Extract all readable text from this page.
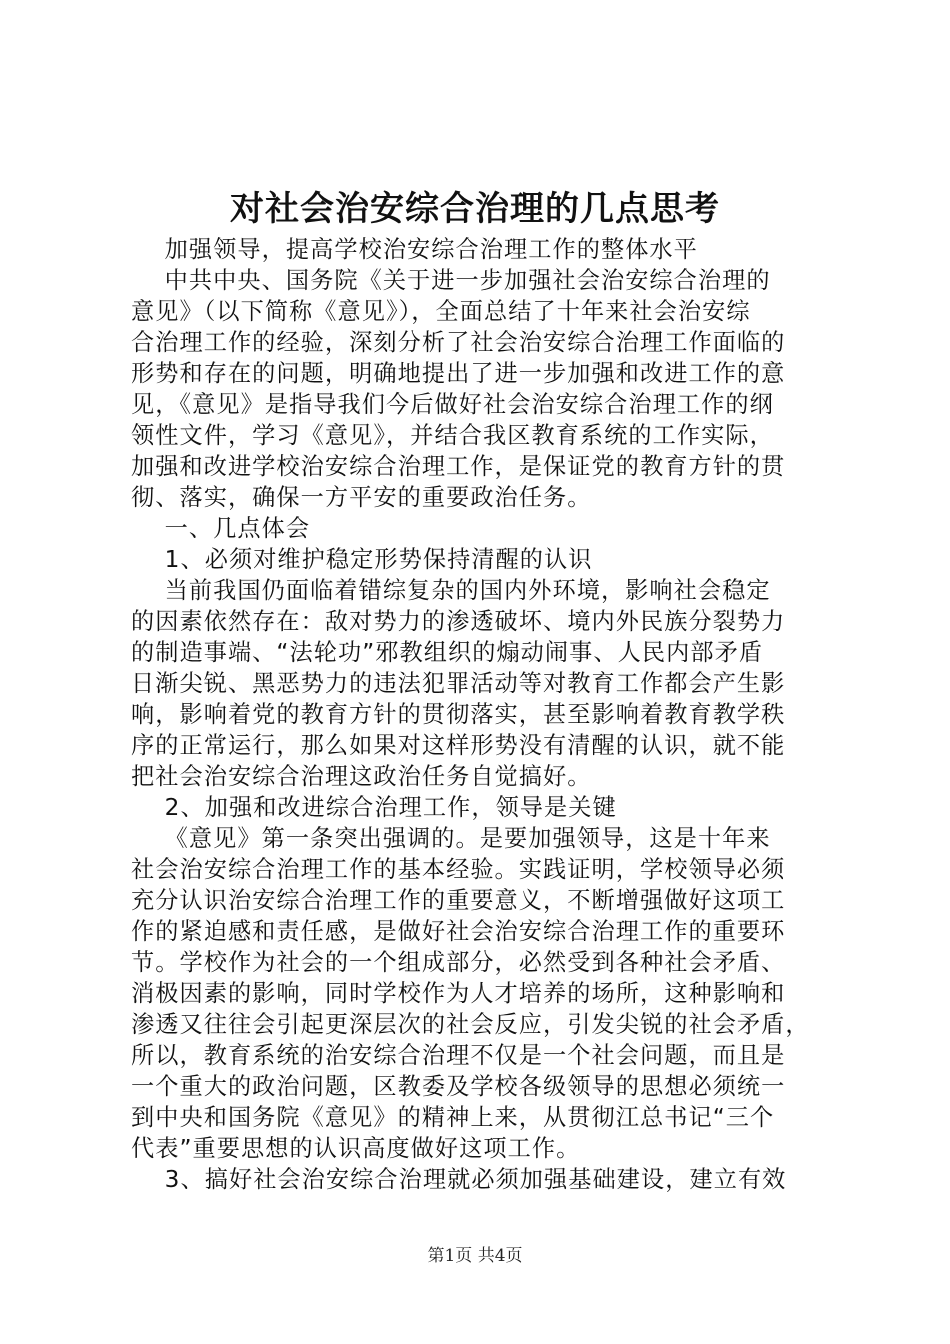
对社会治安综合治理的几点思考
加强领导，提高学校治安综合治理工作的整体水平
中共中央、国务院《关于进一步加强社会治安综合治理的
意见》（以下简称《意见》），全面总结了十年来社会治安综
合治理工作的经验，深刻分析了社会治安综合治理工作面临的
形势和存在的问题，明确地提出了进一步加强和改进工作的意
见，《意见》是指导我们今后做好社会治安综合治理工作的纲
领性文件，学习《意见》，并结合我区教育系统的工作实际，
加强和改进学校治安综合治理工作，是保证党的教育方针的贯
彻、落实，确保一方平安的重要政治任务。
一、几点体会
1、必须对维护稳定形势保持清醒的认识
当前我国仍面临着错综复杂的国内外环境，影响社会稳定
的因素依然存在：敌对势力的渗透破坏、境内外民族分裂势力
的制造事端、“法轮功”邪教组织的煽动闹事、人民内部矛盾
日渐尖锐、黑恶势力的违法犯罪活动等对教育工作都会产生影
响，影响着党的教育方针的贯彻落实，甚至影响着教育教学秩
序的正常运行，那么如果对这样形势没有清醒的认识，就不能
把社会治安综合治理这政治任务自觉搞好。
2、加强和改进综合治理工作，领导是关键
《意见》第一条突出强调的。是要加强领导，这是十年来
社会治安综合治理工作的基本经验。实践证明，学校领导必须
充分认识治安综合治理工作的重要意义，不断增强做好这项工
作的紧迫感和责任感，是做好社会治安综合治理工作的重要环
节。学校作为社会的一个组成部分，必然受到各种社会矛盾、
消极因素的影响，同时学校作为人才培养的场所，这种影响和
渗透又往往会引起更深层次的社会反应，引发尖锐的社会矛盾，
所以，教育系统的治安综合治理不仅是一个社会问题，而且是
一个重大的政治问题，区教委及学校各级领导的思想必须统一
到中央和国务院《意见》的精神上来，从贯彻江总书记“三个
代表”重要思想的认识高度做好这项工作。
3、搞好社会治安综合治理就必须加强基础建设，建立有效
第1页 共4页
